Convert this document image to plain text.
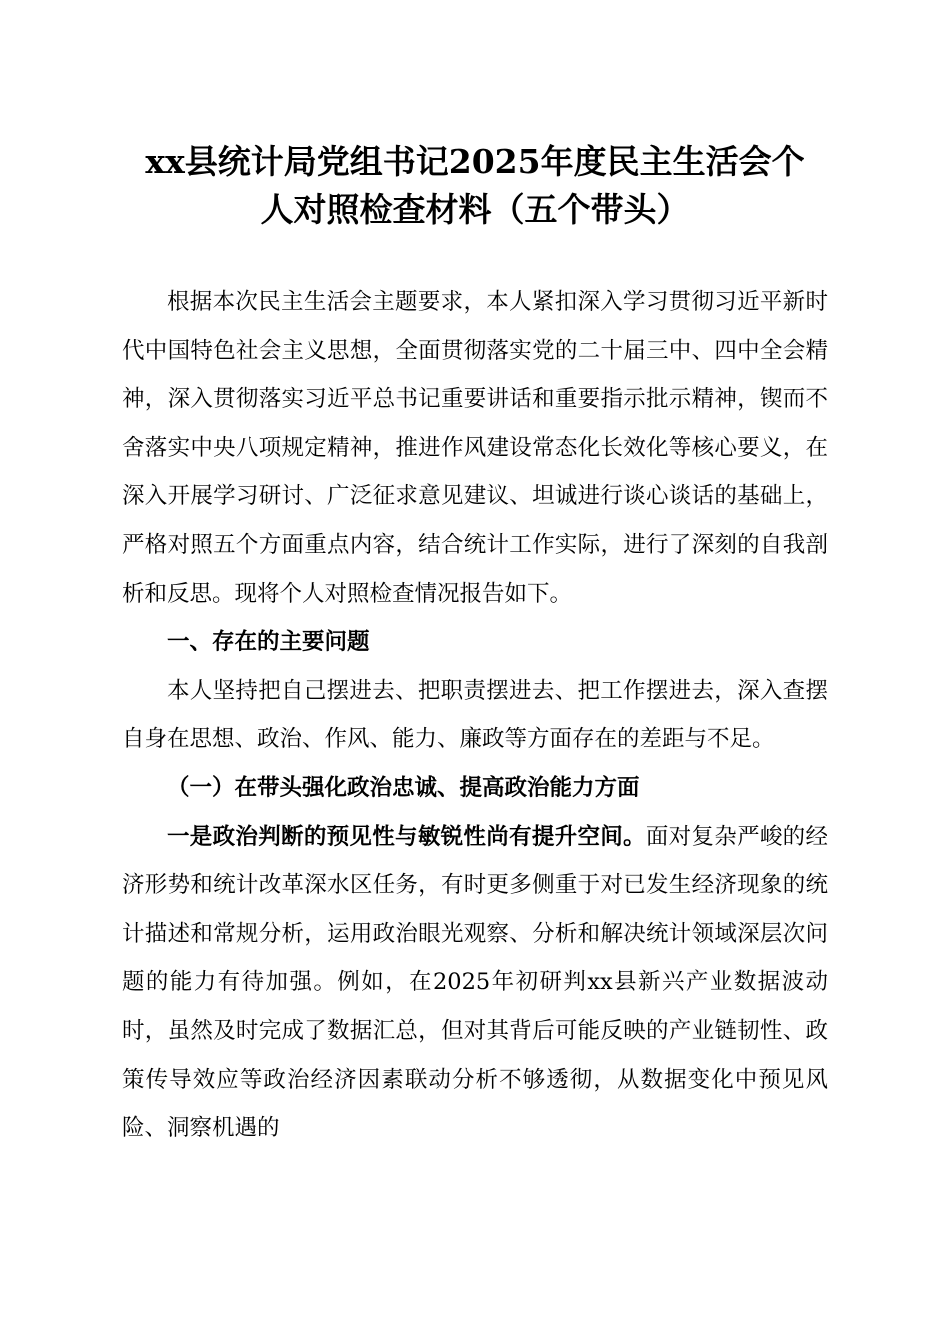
xx县统计局党组书记2025年度民主生活会个
人对照检查材料（五个带头）

根据本次民主生活会主题要求，本人紧扣深入学习贯彻习近平新时代中国特色社会主义思想，全面贯彻落实党的二十届三中、四中全会精神，深入贯彻落实习近平总书记重要讲话和重要指示批示精神，锲而不舍落实中央八项规定精神，推进作风建设常态化长效化等核心要义，在深入开展学习研讨、广泛征求意见建议、坦诚进行谈心谈话的基础上，严格对照五个方面重点内容，结合统计工作实际，进行了深刻的自我剖析和反思。现将个人对照检查情况报告如下。

一、存在的主要问题

本人坚持把自己摆进去、把职责摆进去、把工作摆进去，深入查摆自身在思想、政治、作风、能力、廉政等方面存在的差距与不足。

（一）在带头强化政治忠诚、提高政治能力方面

一是政治判断的预见性与敏锐性尚有提升空间。面对复杂严峻的经济形势和统计改革深水区任务，有时更多侧重于对已发生经济现象的统计描述和常规分析，运用政治眼光观察、分析和解决统计领域深层次问题的能力有待加强。例如，在2025年初研判xx县新兴产业数据波动时，虽然及时完成了数据汇总，但对其背后可能反映的产业链韧性、政策传导效应等政治经济因素联动分析不够透彻，从数据变化中预见风险、洞察机遇的
